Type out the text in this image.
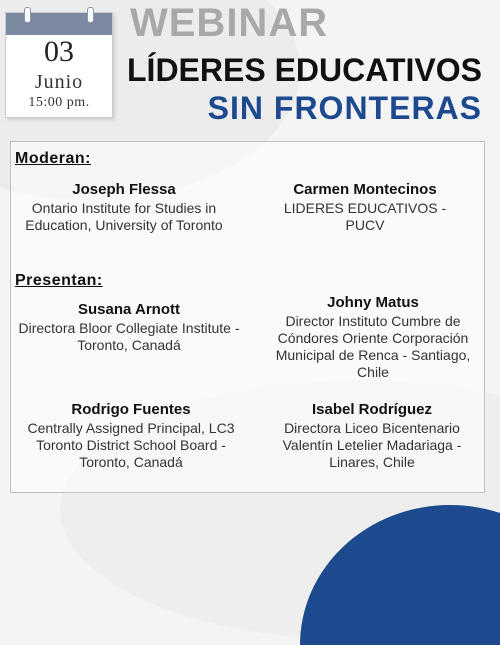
03
Junio
15:00 pm.
WEBINAR
LÍDERES EDUCATIVOS
SIN FRONTERAS
Moderan:
Joseph Flessa
Ontario Institute for Studies in Education, University of Toronto
Carmen Montecinos
LIDERES EDUCATIVOS - PUCV
Presentan:
Susana Arnott
Directora Bloor Collegiate Institute - Toronto, Canadá
Johny Matus
Director Instituto Cumbre de Cóndores Oriente Corporación Municipal de Renca - Santiago, Chile
Rodrigo Fuentes
Centrally Assigned Principal, LC3 Toronto District School Board - Toronto, Canadá
Isabel Rodríguez
Directora Liceo Bicentenario Valentín Letelier Madariaga - Linares, Chile
